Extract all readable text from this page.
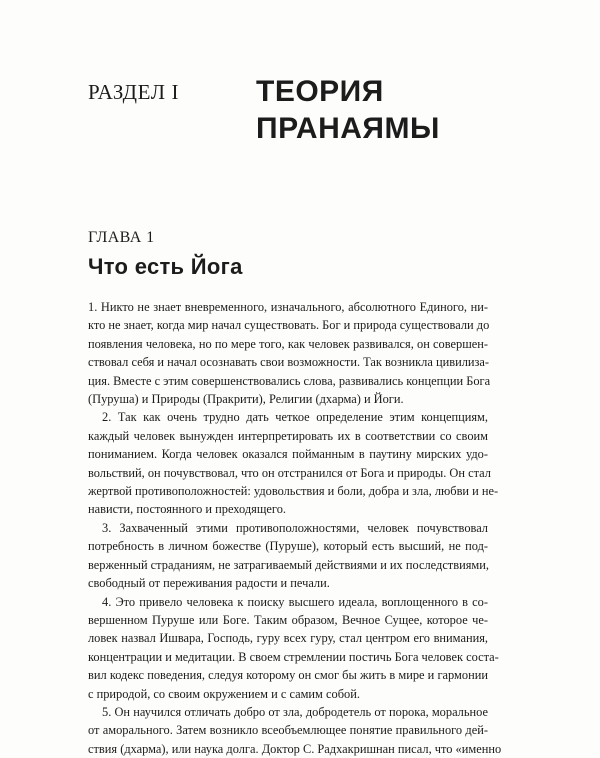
РАЗДЕЛ I	ТЕОРИЯ
ПРАНАЯМЫ
ГЛАВА 1
Что есть Йога
1. Никто не знает вневременного, изначального, абсолютного Единого, ни-
кто не знает, когда мир начал существовать. Бог и природа существовали до
появления человека, но по мере того, как человек развивался, он совершен-
ствовал себя и начал осознавать свои возможности. Так возникла цивилиза-
ция. Вместе с этим совершенствовались слова, развивались концепции Бога
(Пуруша) и Природы (Пракрити), Религии (дхарма) и Йоги.
2. Так как очень трудно дать четкое определение этим концепциям,
каждый человек вынужден интерпретировать их в соответствии со своим
пониманием. Когда человек оказался пойманным в паутину мирских удо-
вольствий, он почувствовал, что он отстранился от Бога и природы. Он стал
жертвой противоположностей: удовольствия и боли, добра и зла, любви и не-
нависти, постоянного и преходящего.
3. Захваченный этими противоположностями, человек почувствовал
потребность в личном божестве (Пуруше), который есть высший, не под-
верженный страданиям, не затрагиваемый действиями и их последствиями,
свободный от переживания радости и печали.
4. Это привело человека к поиску высшего идеала, воплощенного в со-
вершенном Пуруше или Боге. Таким образом, Вечное Сущее, которое че-
ловек назвал Ишвара, Господь, гуру всех гуру, стал центром его внимания,
концентрации и медитации. В своем стремлении постичь Бога человек соста-
вил кодекс поведения, следуя которому он смог бы жить в мире и гармонии
с природой, со своим окружением и с самим собой.
5. Он научился отличать добро от зла, добродетель от порока, моральное
от аморального. Затем возникло всеобъемлющее понятие правильного дей-
ствия (дхарма), или наука долга. Доктор С. Радхакришнан писал, что «именно
